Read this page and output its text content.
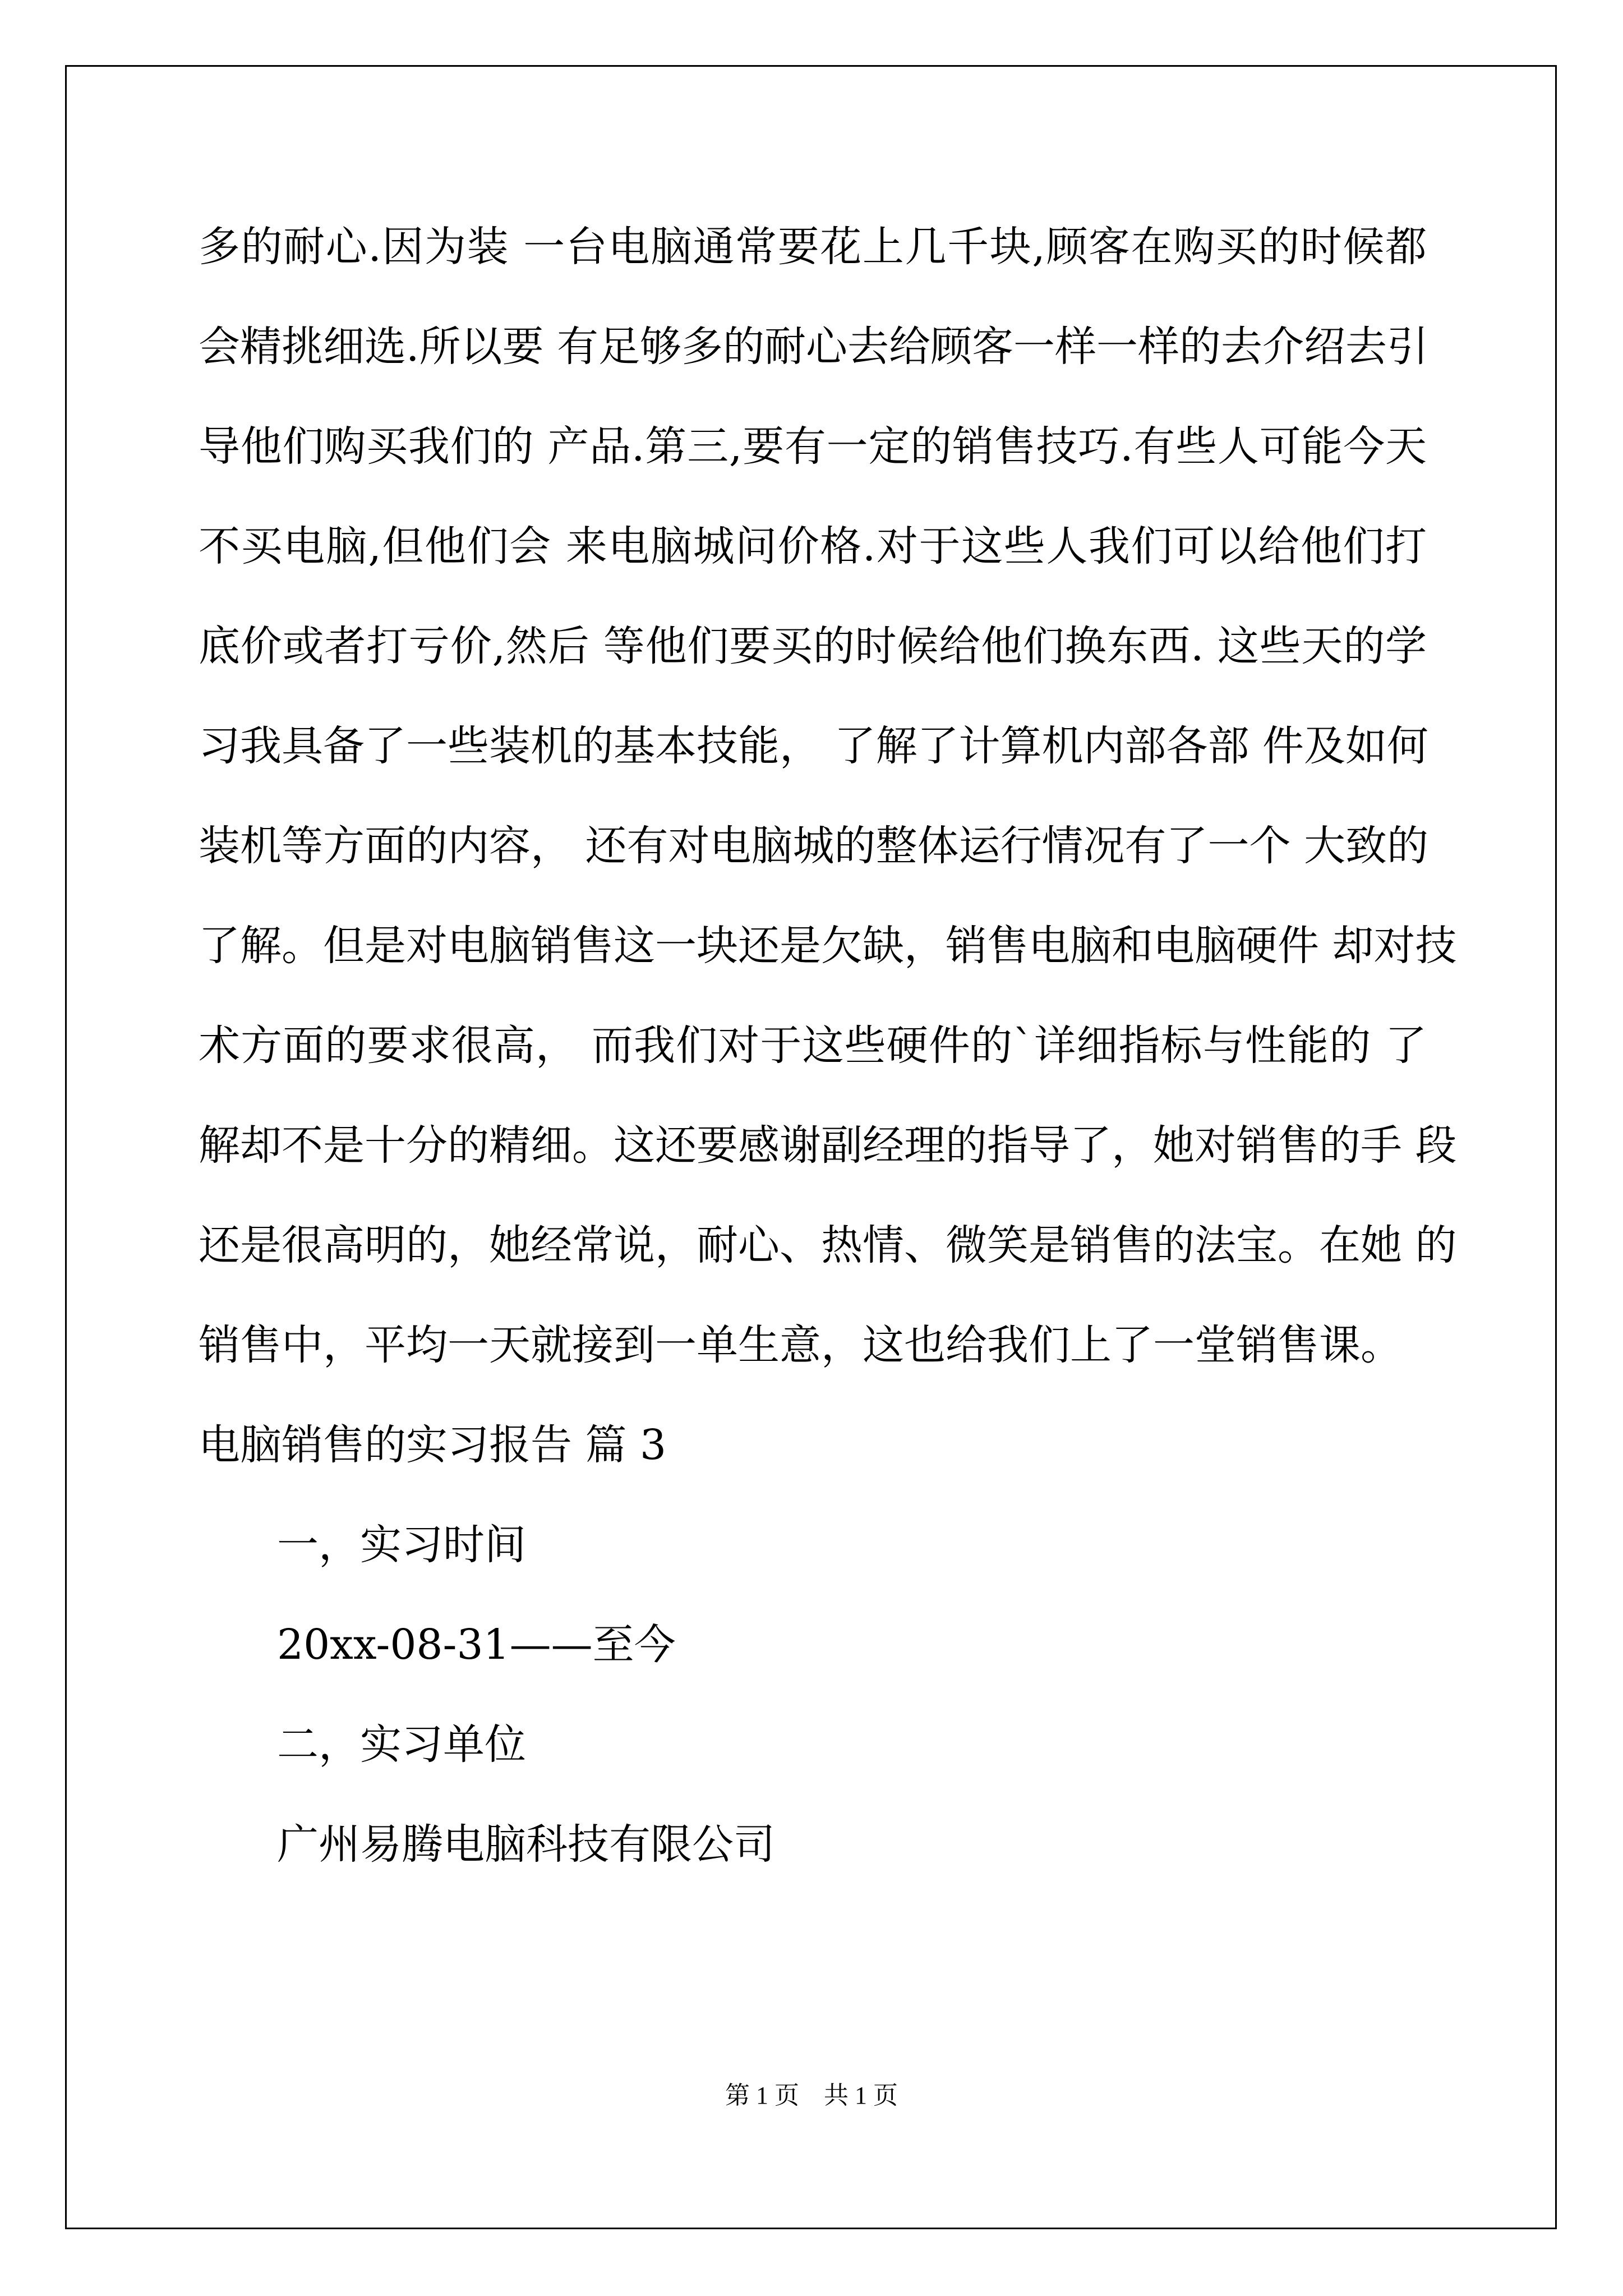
多的耐心.因为装 一台电脑通常要花上几千块,顾客在购买的时候都

会精挑细选.所以要 有足够多的耐心去给顾客一样一样的去介绍去引

导他们购买我们的 产品.第三,要有一定的销售技巧.有些人可能今天

不买电脑,但他们会 来电脑城问价格.对于这些人我们可以给他们打

底价或者打亏价,然后 等他们要买的时候给他们换东西. 这些天的学

习我具备了一些装机的基本技能， 了解了计算机内部各部 件及如何

装机等方面的内容， 还有对电脑城的整体运行情况有了一个 大致的

了解。但是对电脑销售这一块还是欠缺，销售电脑和电脑硬件 却对技

术方面的要求很高， 而我们对于这些硬件的`详细指标与性能的 了

解却不是十分的精细。这还要感谢副经理的指导了，她对销售的手 段

还是很高明的，她经常说，耐心、热情、微笑是销售的法宝。在她 的

销售中，平均一天就接到一单生意，这也给我们上了一堂销售课。

电脑销售的实习报告 篇 3

一，实习时间

20xx-08-31——至今

二，实习单位

广州易腾电脑科技有限公司

第 1 页　共 1 页
